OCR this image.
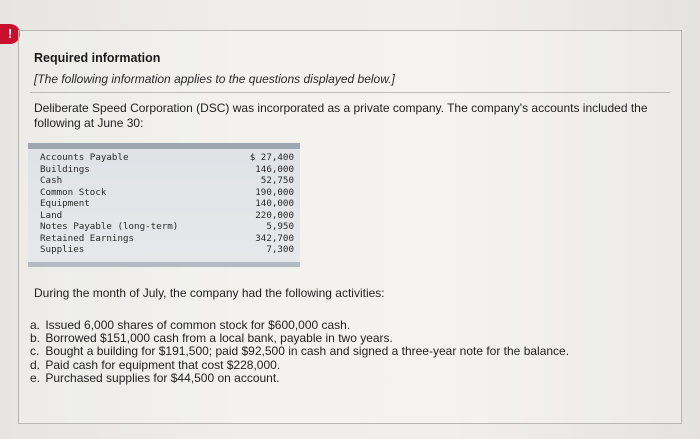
!
Required information
[The following information applies to the questions displayed below.]
Deliberate Speed Corporation (DSC) was incorporated as a private company. The company's accounts included the following at June 30:
Accounts Payable	$ 27,400
Buildings	146,000
Cash	52,750
Common Stock	190,000
Equipment	140,000
Land	220,000
Notes Payable (long-term)	5,950
Retained Earnings	342,700
Supplies	7,300
During the month of July, the company had the following activities:
a. Issued 6,000 shares of common stock for $600,000 cash.
b. Borrowed $151,000 cash from a local bank, payable in two years.
c. Bought a building for $191,500; paid $92,500 in cash and signed a three-year note for the balance.
d. Paid cash for equipment that cost $228,000.
e. Purchased supplies for $44,500 on account.
